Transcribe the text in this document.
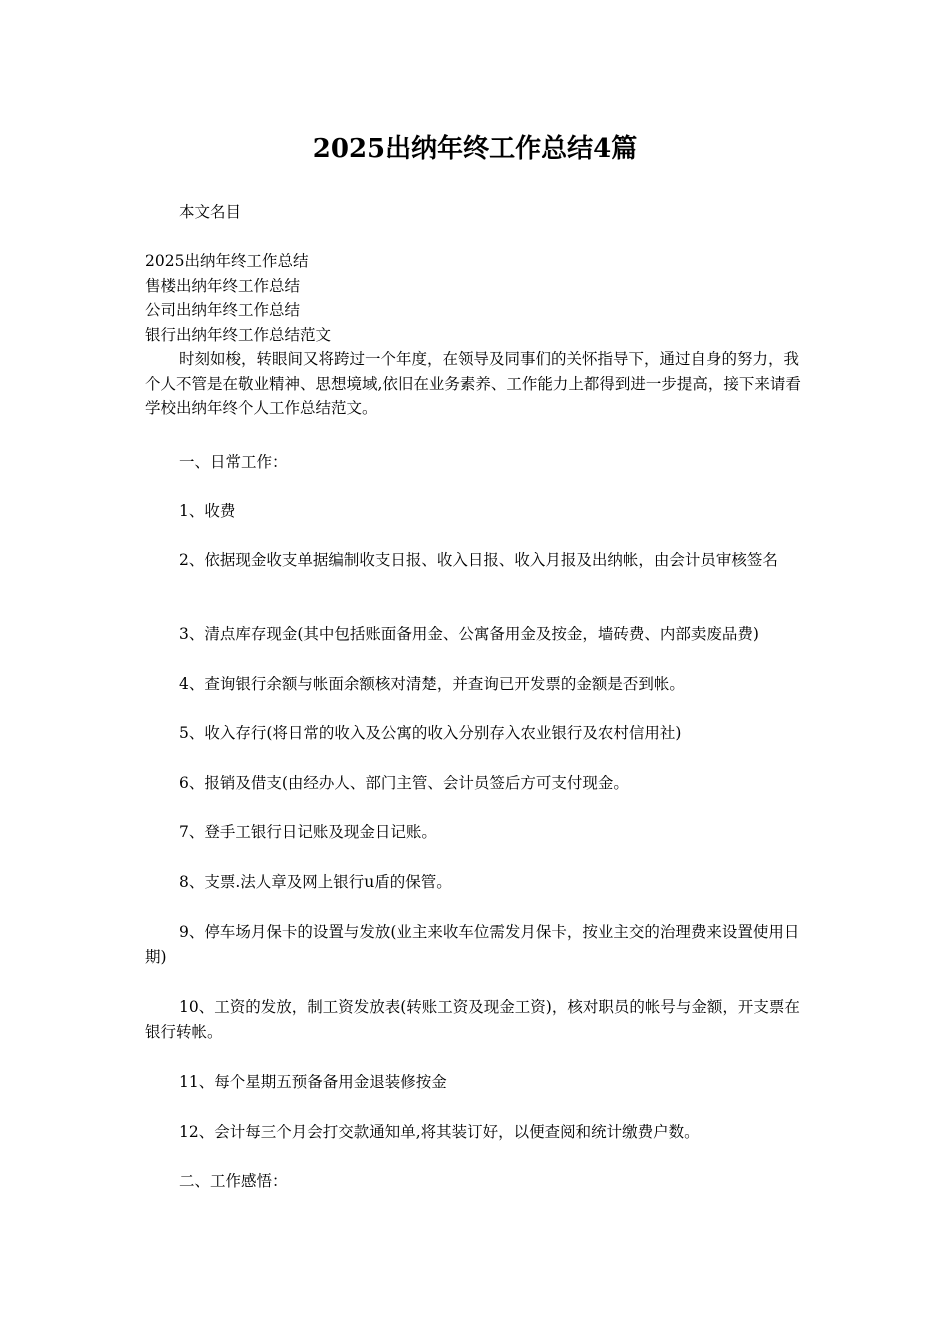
2025出纳年终工作总结4篇
本文名目
2025出纳年终工作总结
售楼出纳年终工作总结
公司出纳年终工作总结
银行出纳年终工作总结范文
时刻如梭，转眼间又将跨过一个年度，在领导及同事们的关怀指导下，通过自身的努力，我个人不管是在敬业精神、思想境域,依旧在业务素养、工作能力上都得到进一步提高，接下来请看学校出纳年终个人工作总结范文。
一、日常工作：
1、收费
2、依据现金收支单据编制收支日报、收入日报、收入月报及出纳帐，由会计员审核签名
3、清点库存现金(其中包括账面备用金、公寓备用金及按金，墙砖费、内部卖废品费)
4、查询银行余额与帐面余额核对清楚，并查询已开发票的金额是否到帐。
5、收入存行(将日常的收入及公寓的收入分别存入农业银行及农村信用社)
6、报销及借支(由经办人、部门主管、会计员签后方可支付现金。
7、登手工银行日记账及现金日记账。
8、支票.法人章及网上银行u盾的保管。
9、停车场月保卡的设置与发放(业主来收车位需发月保卡，按业主交的治理费来设置使用日期)
10、工资的发放，制工资发放表(转账工资及现金工资)，核对职员的帐号与金额，开支票在银行转帐。
11、每个星期五预备备用金退装修按金
12、会计每三个月会打交款通知单,将其装订好，以便查阅和统计缴费户数。
二、工作感悟：
